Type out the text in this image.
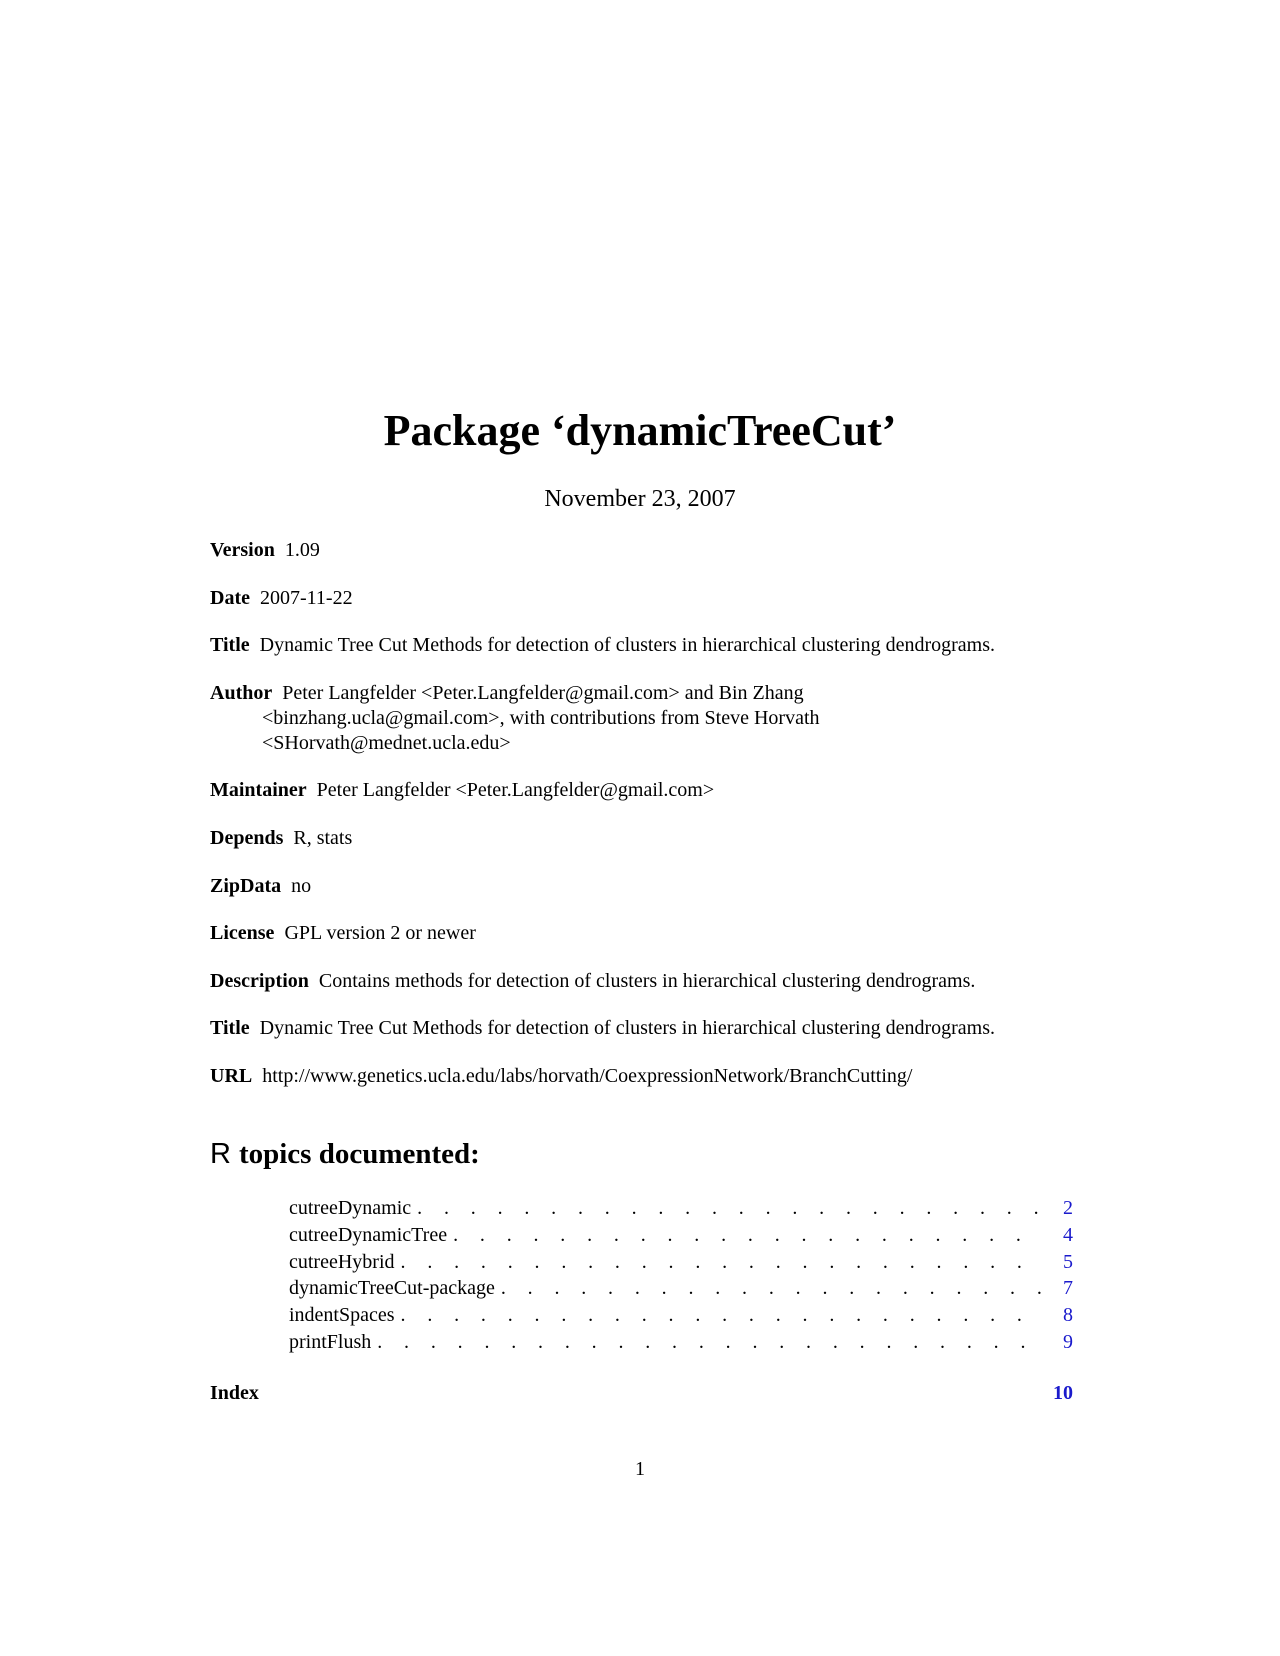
Package ‘dynamicTreeCut’
November 23, 2007
Version 1.09
Date 2007-11-22
Title Dynamic Tree Cut Methods for detection of clusters in hierarchical clustering dendrograms.
Author Peter Langfelder <Peter.Langfelder@gmail.com> and Bin Zhang
<binzhang.ucla@gmail.com>, with contributions from Steve Horvath
<SHorvath@mednet.ucla.edu>
Maintainer Peter Langfelder <Peter.Langfelder@gmail.com>
Depends R, stats
ZipData no
License GPL version 2 or newer
Description Contains methods for detection of clusters in hierarchical clustering dendrograms.
Title Dynamic Tree Cut Methods for detection of clusters in hierarchical clustering dendrograms.
URL http://www.genetics.ucla.edu/labs/horvath/CoexpressionNetwork/BranchCutting/
R topics documented:
cutreeDynamic . . .	2
cutreeDynamicTree . . .	4
cutreeHybrid . . .	5
dynamicTreeCut-package . . .	7
indentSpaces . . .	8
printFlush . . .	9
Index	10
1
